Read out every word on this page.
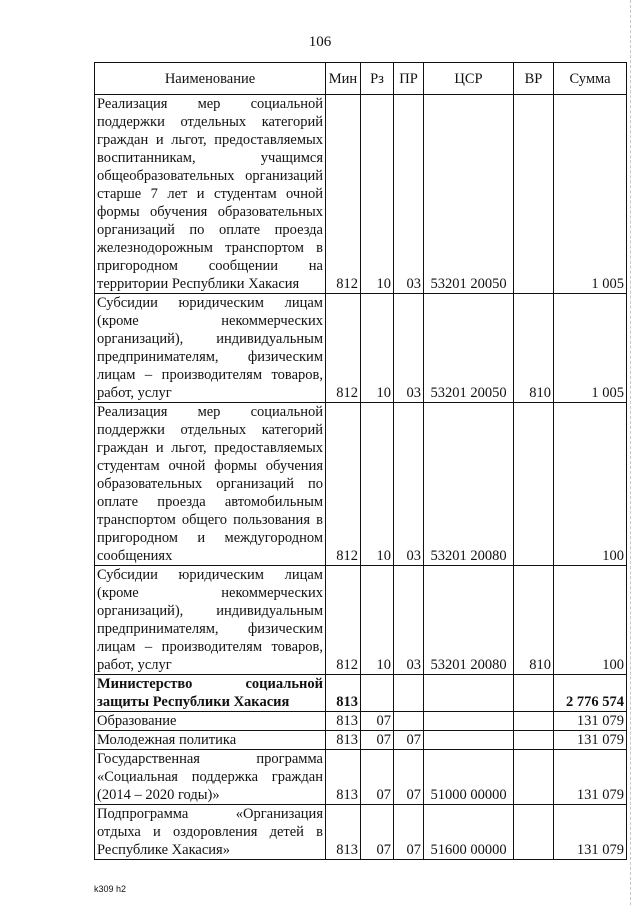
106
Наименование	Мин	Рз	ПР	ЦСР	ВР	Сумма
Реализация мер социальной поддержки отдельных категорий граждан и льгот, предоставляемых воспитанникам, учащимся общеобразовательных организаций старше 7 лет и студентам очной формы обучения образовательных организаций по оплате проезда железнодорожным транспортом в пригородном сообщении на территории Республики Хакасия	812	10	03	53201 20050		1 005
Субсидии юридическим лицам (кроме некоммерческих организаций), индивидуальным предпринимателям, физическим лицам – производителям товаров, работ, услуг	812	10	03	53201 20050	810	1 005
Реализация мер социальной поддержки отдельных категорий граждан и льгот, предоставляемых студентам очной формы обучения образовательных организаций по оплате проезда автомобильным транспортом общего пользования в пригородном и междугородном сообщениях	812	10	03	53201 20080		100
Субсидии юридическим лицам (кроме некоммерческих организаций), индивидуальным предпринимателям, физическим лицам – производителям товаров, работ, услуг	812	10	03	53201 20080	810	100
Министерство социальной защиты Республики Хакасия	813					2 776 574
Образование	813	07				131 079
Молодежная политика	813	07	07			131 079
Государственная программа «Социальная поддержка граждан (2014 – 2020 годы)»	813	07	07	51000 00000		131 079
Подпрограмма «Организация отдыха и оздоровления детей в Республике Хакасия»	813	07	07	51600 00000		131 079
k309 h2
